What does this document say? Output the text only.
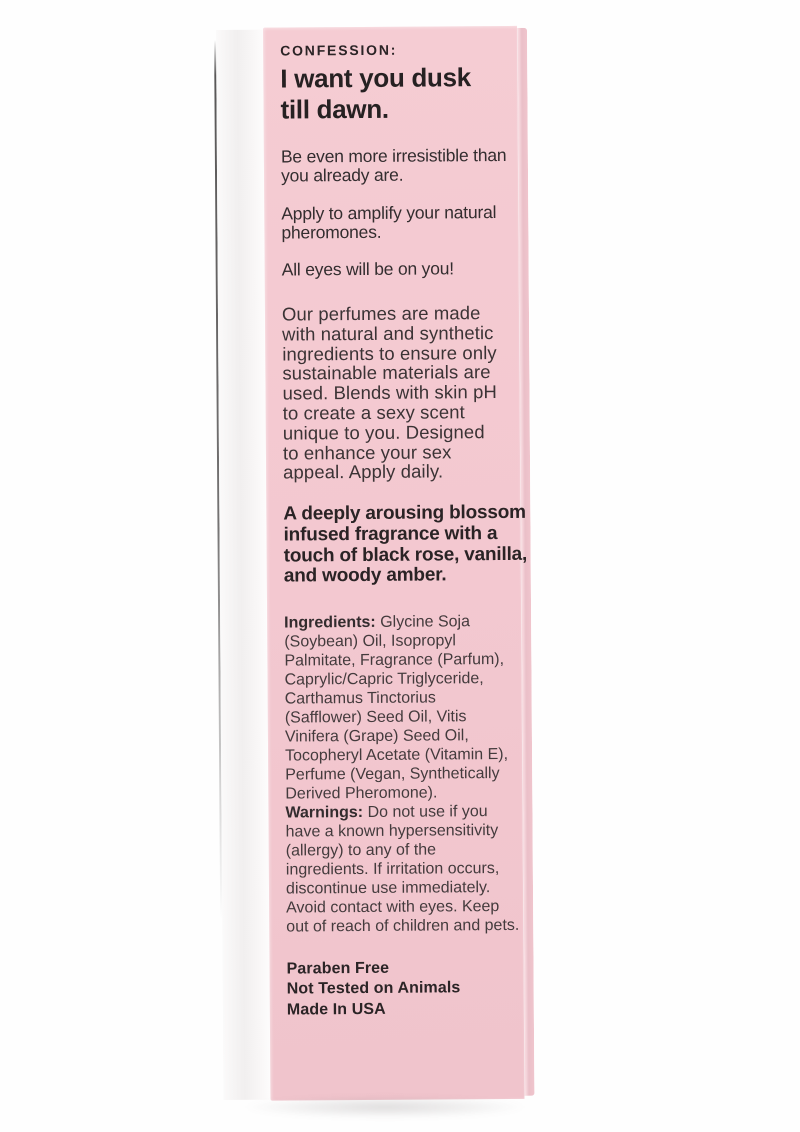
CONFESSION:
I want you dusk
till dawn.

Be even more irresistible than
you already are.

Apply to amplify your natural
pheromones.

All eyes will be on you!

Our perfumes are made
with natural and synthetic
ingredients to ensure only
sustainable materials are
used. Blends with skin pH
to create a sexy scent
unique to you. Designed
to enhance your sex
appeal. Apply daily.

A deeply arousing blossom
infused fragrance with a
touch of black rose, vanilla,
and woody amber.

Ingredients: Glycine Soja
(Soybean) Oil, Isopropyl
Palmitate, Fragrance (Parfum),
Caprylic/Capric Triglyceride,
Carthamus Tinctorius
(Safflower) Seed Oil, Vitis
Vinifera (Grape) Seed Oil,
Tocopheryl Acetate (Vitamin E),
Perfume (Vegan, Synthetically
Derived Pheromone).
Warnings: Do not use if you
have a known hypersensitivity
(allergy) to any of the
ingredients. If irritation occurs,
discontinue use immediately.
Avoid contact with eyes. Keep
out of reach of children and pets.

Paraben Free
Not Tested on Animals
Made In USA
